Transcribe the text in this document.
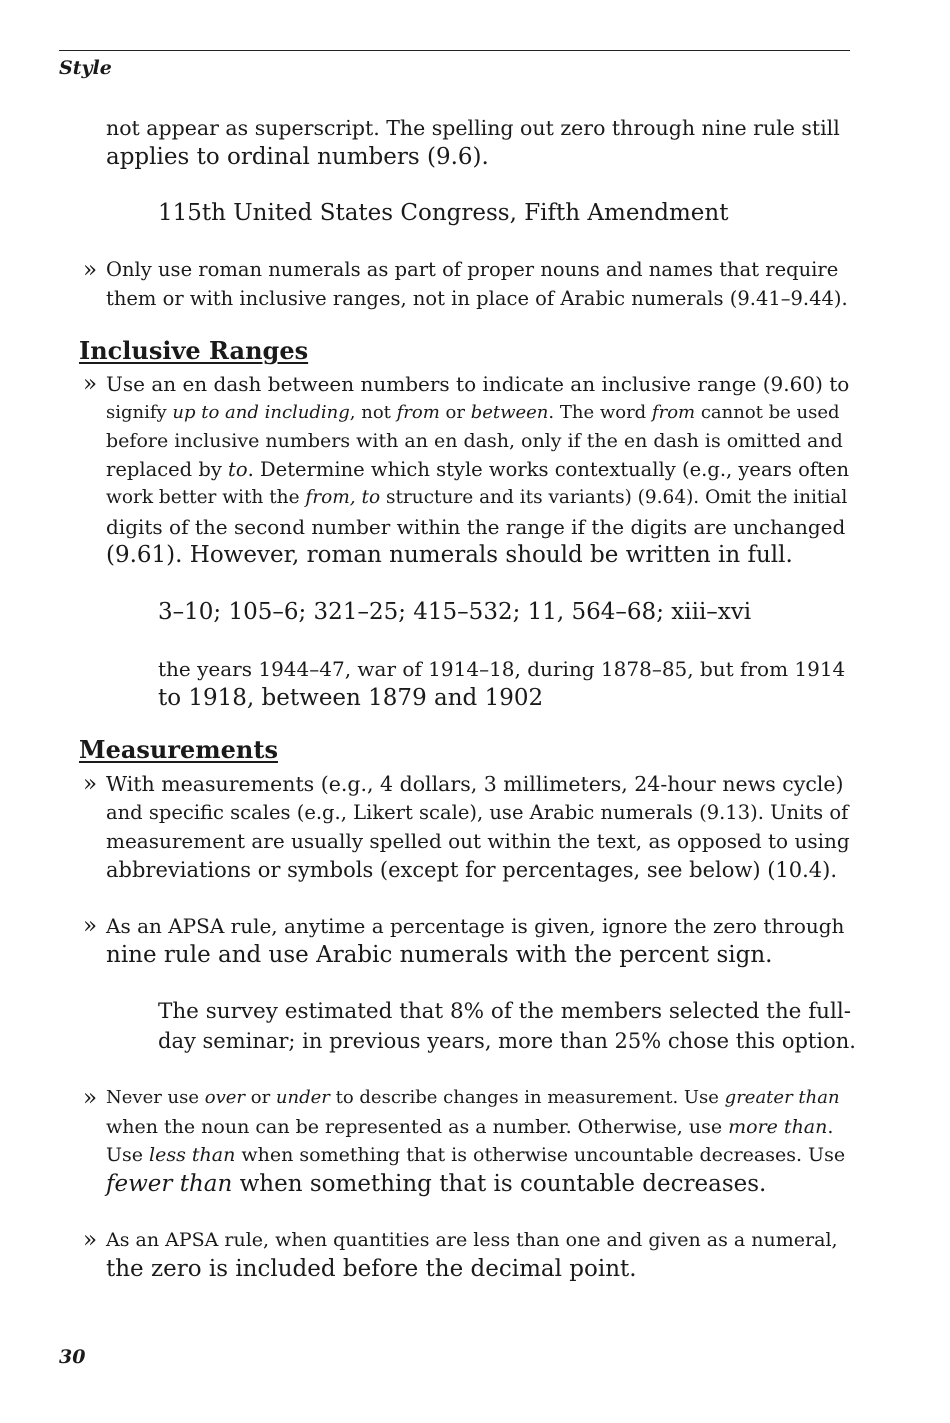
Style
not appear as superscript. The spelling out zero through nine rule still
applies to ordinal numbers (9.6).
115th United States Congress, Fifth Amendment
» Only use roman numerals as part of proper nouns and names that require
them or with inclusive ranges, not in place of Arabic numerals (9.41–9.44).
Inclusive Ranges
» Use an en dash between numbers to indicate an inclusive range (9.60) to
signify up to and including, not from or between. The word from cannot be used
before inclusive numbers with an en dash, only if the en dash is omitted and
replaced by to. Determine which style works contextually (e.g., years often
work better with the from, to structure and its variants) (9.64). Omit the initial
digits of the second number within the range if the digits are unchanged
(9.61). However, roman numerals should be written in full.
3–10; 105–6; 321–25; 415–532; 11, 564–68; xiii–xvi
the years 1944–47, war of 1914–18, during 1878–85, but from 1914
to 1918, between 1879 and 1902
Measurements
» With measurements (e.g., 4 dollars, 3 millimeters, 24-hour news cycle)
and specific scales (e.g., Likert scale), use Arabic numerals (9.13). Units of
measurement are usually spelled out within the text, as opposed to using
abbreviations or symbols (except for percentages, see below) (10.4).
» As an APSA rule, anytime a percentage is given, ignore the zero through
nine rule and use Arabic numerals with the percent sign.
The survey estimated that 8% of the members selected the full-
day seminar; in previous years, more than 25% chose this option.
» Never use over or under to describe changes in measurement. Use greater than
when the noun can be represented as a number. Otherwise, use more than.
Use less than when something that is otherwise uncountable decreases. Use
fewer than when something that is countable decreases.
» As an APSA rule, when quantities are less than one and given as a numeral,
the zero is included before the decimal point.
30
